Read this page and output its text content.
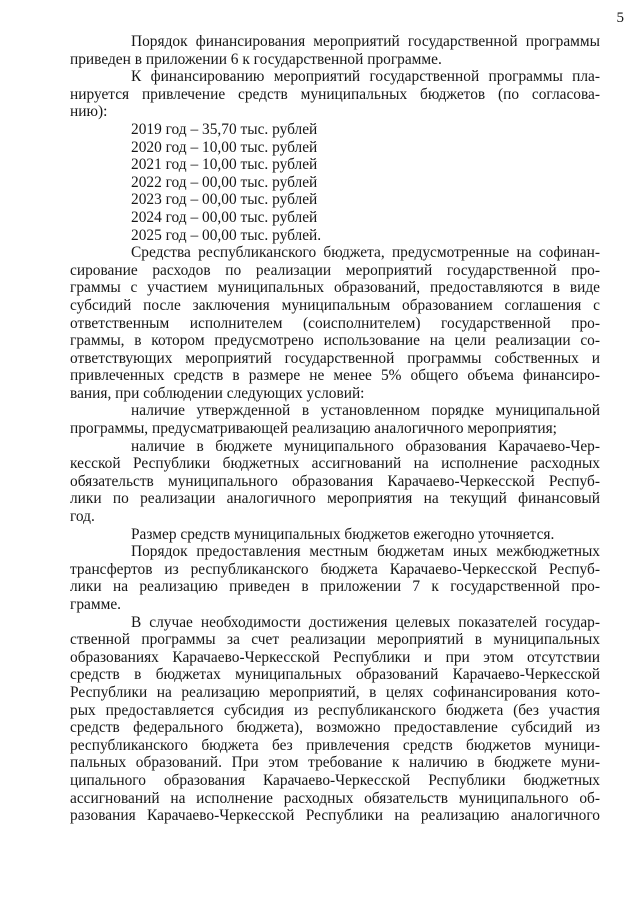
5
Порядок финансирования мероприятий государственной программы
приведен в приложении 6 к государственной программе.
К финансированию мероприятий государственной программы пла-
нируется привлечение средств муниципальных бюджетов (по согласова-
нию):
2019 год – 35,70 тыс. рублей
2020 год – 10,00 тыс. рублей
2021 год – 10,00 тыс. рублей
2022 год – 00,00 тыс. рублей
2023 год – 00,00 тыс. рублей
2024 год – 00,00 тыс. рублей
2025 год – 00,00 тыс. рублей.
Средства республиканского бюджета, предусмотренные на софинан-
сирование расходов по реализации мероприятий государственной про-
граммы с участием муниципальных образований, предоставляются в виде
субсидий после заключения муниципальным образованием соглашения с
ответственным исполнителем (соисполнителем) государственной про-
граммы, в котором предусмотрено использование на цели реализации со-
ответствующих мероприятий государственной программы собственных и
привлеченных средств в размере не менее 5% общего объема финансиро-
вания, при соблюдении следующих условий:
наличие утвержденной в установленном порядке муниципальной
программы, предусматривающей реализацию аналогичного мероприятия;
наличие в бюджете муниципального образования Карачаево-Чер-
кесской Республики бюджетных ассигнований на исполнение расходных
обязательств муниципального образования Карачаево-Черкесской Респуб-
лики по реализации аналогичного мероприятия на текущий финансовый
год.
Размер средств муниципальных бюджетов ежегодно уточняется.
Порядок предоставления местным бюджетам иных межбюджетных
трансфертов из республиканского бюджета Карачаево-Черкесской Респуб-
лики на реализацию приведен в приложении 7 к государственной про-
грамме.
В случае необходимости достижения целевых показателей государ-
ственной программы за счет реализации мероприятий в муниципальных
образованиях Карачаево-Черкесской Республики и при этом отсутствии
средств в бюджетах муниципальных образований Карачаево-Черкесской
Республики на реализацию мероприятий, в целях софинансирования кото-
рых предоставляется субсидия из республиканского бюджета (без участия
средств федерального бюджета), возможно предоставление субсидий из
республиканского бюджета без привлечения средств бюджетов муници-
пальных образований. При этом требование к наличию в бюджете муни-
ципального образования Карачаево-Черкесской Республики бюджетных
ассигнований на исполнение расходных обязательств муниципального об-
разования Карачаево-Черкесской Республики на реализацию аналогичного
